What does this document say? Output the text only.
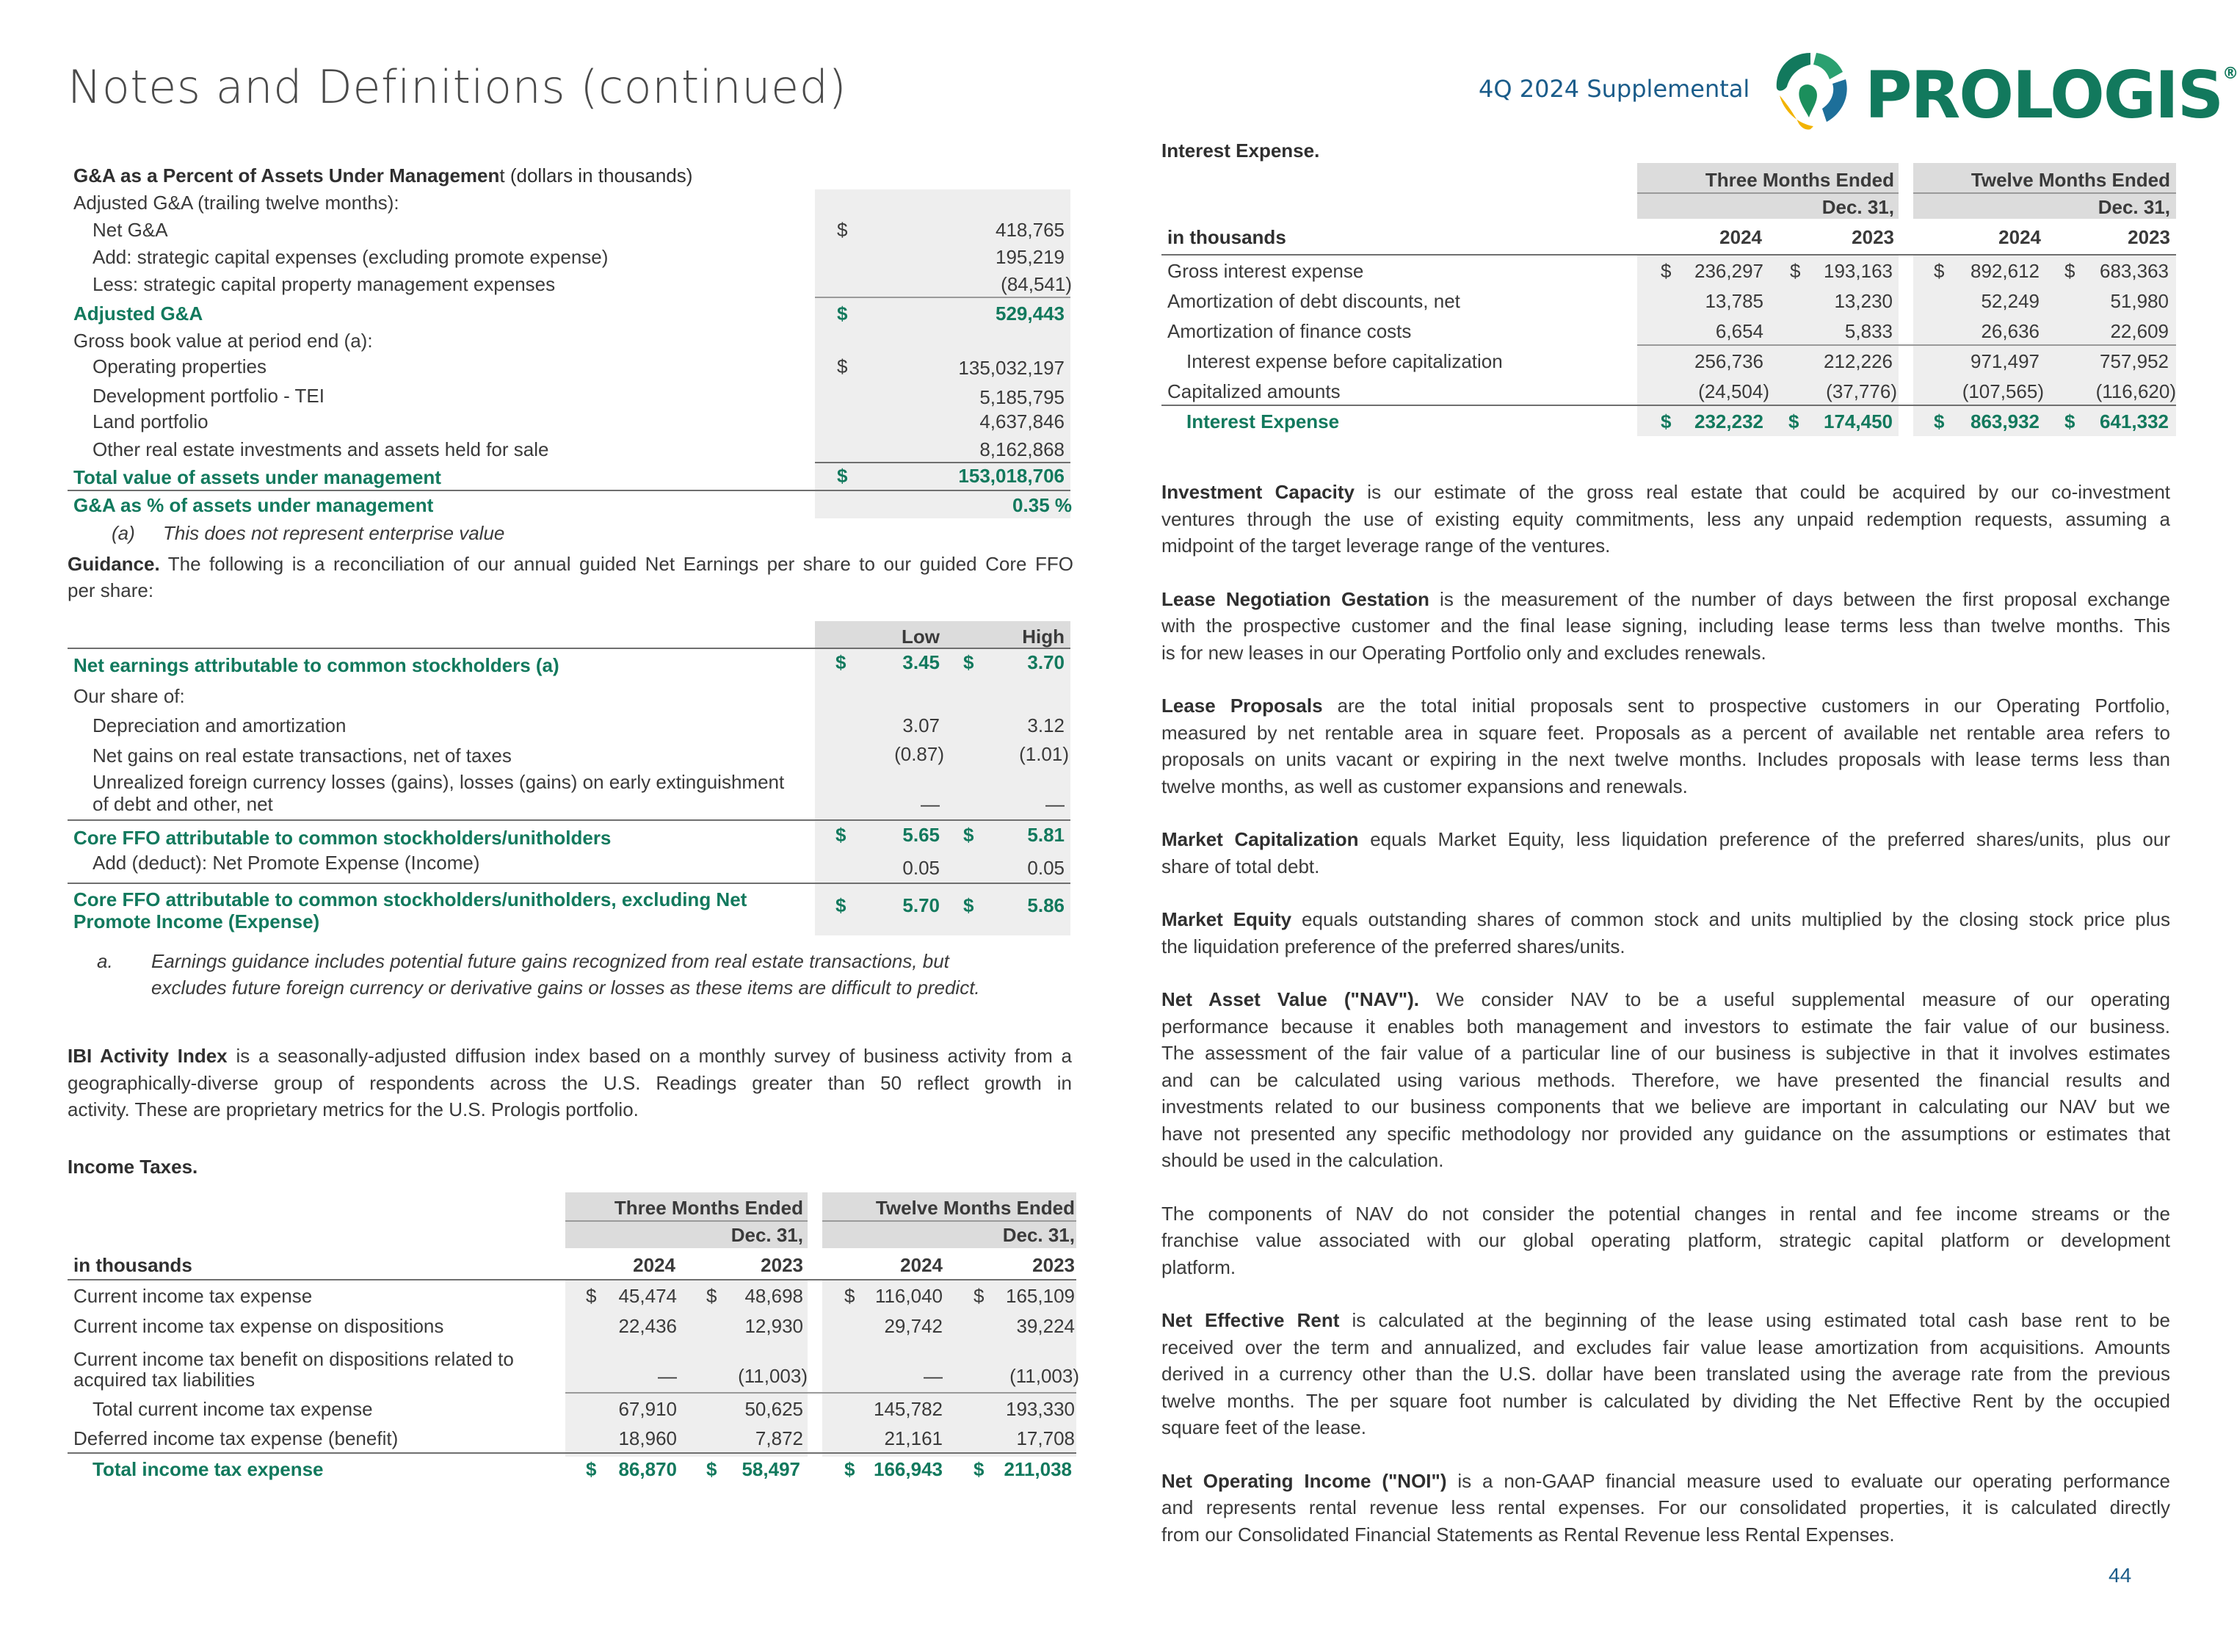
Notes and Definitions (continued)	4Q 2024 Supplemental PROLOGIS®
44
G&A as a Percent of Assets Under Management (dollars in thousands)
Adjusted G&A (trailing twelve months):
Net G&A	$	418,765
Add: strategic capital expenses (excluding promote expense)	195,219
Less: strategic capital property management expenses	(84,541)
Adjusted G&A	$	529,443
Gross book value at period end (a):
Operating properties	$	135,032,197
Development portfolio - TEI	5,185,795
Land portfolio	4,637,846
Other real estate investments and assets held for sale	8,162,868
Total value of assets under management	$	153,018,706
G&A as % of assets under management	0.35 %
(a) This does not represent enterprise value
Guidance. The following is a reconciliation of our annual guided Net Earnings per share to our guided Core FFO
per share:
Low	High
Net earnings attributable to common stockholders (a)	$	3.45 $	3.70
Our share of:
Depreciation and amortization	3.07	3.12
Net gains on real estate transactions, net of taxes	(0.87)	(1.01)
Unrealized foreign currency losses (gains), losses (gains) on early extinguishment
of debt and other, net	—	—
Core FFO attributable to common stockholders/unitholders	$	5.65 $	5.81
Add (deduct): Net Promote Expense (Income)	0.05	0.05
Core FFO attributable to common stockholders/unitholders, excluding Net
Promote Income (Expense)
$	5.70 $	5.86
a. Earnings guidance includes potential future gains recognized from real estate transactions, but
excludes future foreign currency or derivative gains or losses as these items are difficult to predict.
IBI Activity Index is a seasonally-adjusted diffusion index based on a monthly survey of business activity from a
geographically-diverse group of respondents across the U.S. Readings greater than 50 reflect growth in
activity. These are proprietary metrics for the U.S. Prologis portfolio.
Income Taxes.
Three Months Ended	Twelve Months Ended
Dec. 31,	Dec. 31,
in thousands	2024	2023	2024	2023
Current income tax expense	$	45,474 $	48,698 $	116,040 $	165,109
Current income tax expense on dispositions	22,436	12,930	29,742	39,224
Current income tax benefit on dispositions related to
acquired tax liabilities	—	(11,003)	—	(11,003)
Total current income tax expense	67,910	50,625	145,782	193,330
Deferred income tax expense (benefit)	18,960	7,872	21,161	17,708
Total income tax expense	$	86,870 $	58,497 $ 166,943 $	211,038
Interest Expense.
Three Months Ended	Twelve Months Ended
Dec. 31,	Dec. 31,
in thousands	2024	2023	2024	2023
Gross interest expense	$	236,297 $	193,163 $	892,612 $	683,363
Amortization of debt discounts, net	13,785	13,230	52,249	51,980
Amortization of finance costs	6,654	5,833	26,636	22,609
Interest expense before capitalization	256,736	212,226	971,497	757,952
Capitalized amounts	(24,504)	(37,776)	(107,565)	(116,620)
Interest Expense	$	232,232 $	174,450 $	863,932 $	641,332
Investment Capacity is our estimate of the gross real estate that could be acquired by our co-investment
ventures through the use of existing equity commitments, less any unpaid redemption requests, assuming a
midpoint of the target leverage range of the ventures.
Lease Negotiation Gestation is the measurement of the number of days between the first proposal exchange
with the prospective customer and the final lease signing, including lease terms less than twelve months. This
is for new leases in our Operating Portfolio only and excludes renewals.
Lease Proposals are the total initial proposals sent to prospective customers in our Operating Portfolio,
measured by net rentable area in square feet. Proposals as a percent of available net rentable area refers to
proposals on units vacant or expiring in the next twelve months. Includes proposals with lease terms less than
twelve months, as well as customer expansions and renewals.
Market Capitalization equals Market Equity, less liquidation preference of the preferred shares/units, plus our
share of total debt.
Market Equity equals outstanding shares of common stock and units multiplied by the closing stock price plus
the liquidation preference of the preferred shares/units.
Net Asset Value ("NAV"). We consider NAV to be a useful supplemental measure of our operating
performance because it enables both management and investors to estimate the fair value of our business.
The assessment of the fair value of a particular line of our business is subjective in that it involves estimates
and can be calculated using various methods. Therefore, we have presented the financial results and
investments related to our business components that we believe are important in calculating our NAV but we
have not presented any specific methodology nor provided any guidance on the assumptions or estimates that
should be used in the calculation.
The components of NAV do not consider the potential changes in rental and fee income streams or the
franchise value associated with our global operating platform, strategic capital platform or development
platform.
Net Effective Rent is calculated at the beginning of the lease using estimated total cash base rent to be
received over the term and annualized, and excludes fair value lease amortization from acquisitions. Amounts
derived in a currency other than the U.S. dollar have been translated using the average rate from the previous
twelve months. The per square foot number is calculated by dividing the Net Effective Rent by the occupied
square feet of the lease.
Net Operating Income ("NOI") is a non-GAAP financial measure used to evaluate our operating performance
and represents rental revenue less rental expenses. For our consolidated properties, it is calculated directly
from our Consolidated Financial Statements as Rental Revenue less Rental Expenses.
